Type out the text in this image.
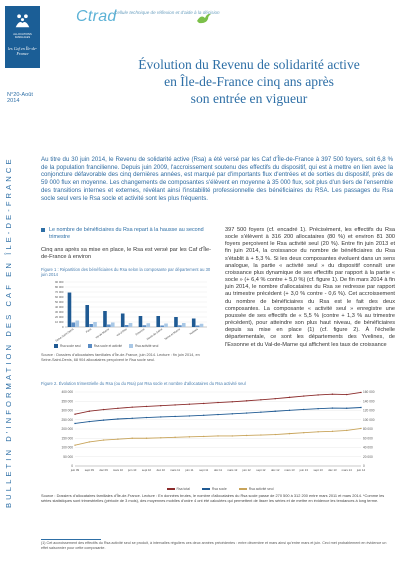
ALLOCATIONS FAMILIALES
les Caf en Île-de-France
N°20-Août 2014
BULLETIN D'INFORMATION DES CAF EN ÎLE-DE-FRANCE
Ctrad
Cellule technique de réflexion et d'aide à la décision
Évolution du Revenu de solidarité active
en Île-de-France cinq ans après
son entrée en vigueur
Au titre du 30 juin 2014, le Revenu de solidarité active (Rsa) a été versé par les Caf d'Île-de-France à 397 500 foyers, soit 6,8 % de la population francilienne. Depuis juin 2009, l'accroissement soutenu des effectifs du dispositif, qui est à mettre en lien avec la conjoncture défavorable des cinq dernières années, est marqué par d'importants flux d'entrées et de sorties du dispositif, près de 59 000 flux en moyenne. Les changements de composantes s'élèvent en moyenne à 35 000 flux, soit plus d'un tiers de l'ensemble des transitions internes et externes, révélant ainsi l'instabilité professionnelle des bénéficiaires du RSA. Les passages du Rsa socle seul vers le Rsa socle et activité sont les plus fréquents.
Le nombre de bénéficiaires du Rsa repart à la hausse au second trimestre
Cinq ans après sa mise en place, le Rsa est versé par les Caf d'Île-de-France à environ
Figure 1 : Répartition des bénéficiaires du Rsa selon la composante par département au 30 juin 2014
0
10 000
20 000
30 000
40 000
50 000
60 000
70 000
80 000
90 000
Seine-Saint-Denis	Paris Val-de-Marne Val-d'Oise	Essonne Hauts-de-Seine Seine-et-Marne	Yvelines
Rsa socle seul	Rsa socle et activité	Rsa activité seul
Source : Dossiers d'allocataires familiales d'Île-de-France, juin 2014. Lecture : fin juin 2014, en Seine-Saint-Denis, 68 904 allocataires perçoivent le Rsa socle seul.
397 500 foyers (cf. encadré 1). Précisément, les effectifs du Rsa socle s'élèvent à 316 200 allocataires (80 %) et environ 81 300 foyers perçoivent le Rsa activité seul (20 %). Entre fin juin 2013 et fin juin 2014, la croissance du nombre de bénéficiaires du Rsa s'établit à + 5,3 %. Si les deux composantes évoluent dans un sens analogue, la partie « activité seul » du dispositif connaît une croissance plus dynamique de ses effectifs par rapport à la partie « socle » (+ 6,4 % contre + 5,0 %) (cf. figure 1). De fin mars 2014 à fin juin 2014, le nombre d'allocataires du Rsa se redresse par rapport au trimestre précédent (+ 3,0 % contre - 0,6 %). Cet accroissement du nombre de bénéficiaires du Rsa est le fait des deux composantes. La composante « activité seul » enregistre une poussée de ses effectifs de « 5,5 % (contre + 1,3 % au trimestre précédent), pour atteindre son plus haut niveau, de bénéficiaires depuis sa mise en place (1) (cf. figure 2). À l'échelle départementale, ce sont les départements des Yvelines, de l'Essonne et du Val-de-Marne qui affichent les taux de croissance
Figure 2. Évolution trimestrielle du Rsa (ou du Rsa) par Rsa socle et nombre d'allocataires du Rsa activité seul
0
50 000
100 000
150 000
200 000
250 000
300 000
350 000
400 000
0
20 000
40 000
60 000
80 000
100 000
120 000
140 000
160 000
juin 09 sept 09 déc 09 mars 10	juin 10 sept 10 déc 10 mars 11	juin 11 sept 11 déc 11 mars 12	juin 12 sept 12 déc 12 mars 13	juin 13 sept 13 déc 13 mars 14	juin 14
Rsa total	Rsa socle	Rsa activité seul
Source : Dossiers d'allocataires familiales d'Île-de-France. Lecture : En données brutes, le nombre d'allocataires du Rsa socle passe de 270 500 à 312 200 entre mars 2011 et mars 2014. *Comme les séries statistiques sont trimestrielles (période de 3 mois), des moyennes mobiles d'ordre 4 ont été calculées qui permettent de lisser les séries et de mettre en évidence les tendances à long terme.
(1) Cet accroissement des effectifs du Rsa activité seul se produit, à intervalles réguliers ces deux années précédentes : entre décembre et mars ainsi qu'entre mars et juin. Ceci met probablement en évidence un effet saisonnier pour cette composante.
